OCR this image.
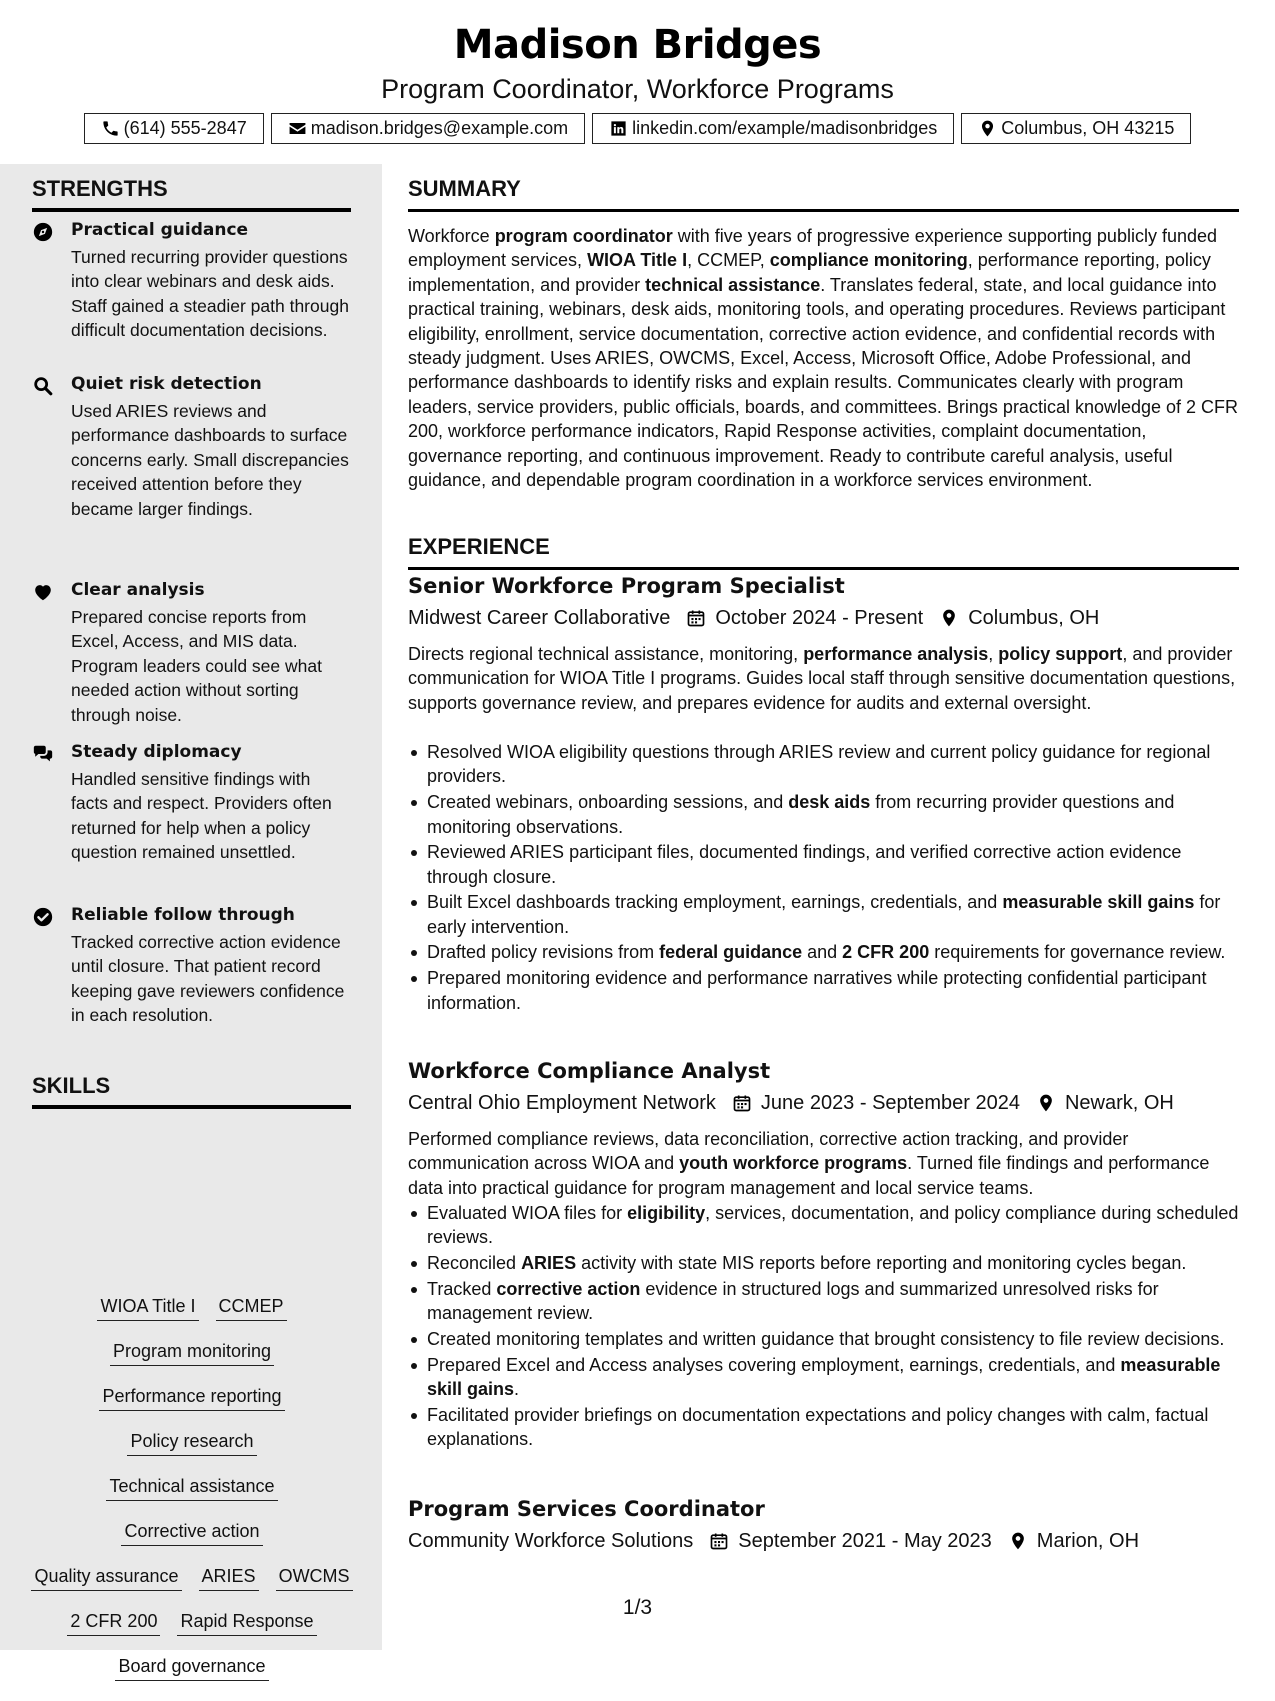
Madison Bridges
Program Coordinator, Workforce Programs
(614) 555-2847	madison.bridges@example.com	linkedin.com/example/madisonbridges	Columbus, OH 43215
STRENGTHS
Practical guidance
Turned recurring provider questions into clear webinars and desk aids. Staff gained a steadier path through difficult documentation decisions.
Quiet risk detection
Used ARIES reviews and performance dashboards to surface concerns early. Small discrepancies received attention before they became larger findings.
Clear analysis
Prepared concise reports from Excel, Access, and MIS data. Program leaders could see what needed action without sorting through noise.
Steady diplomacy
Handled sensitive findings with facts and respect. Providers often returned for help when a policy question remained unsettled.
Reliable follow through
Tracked corrective action evidence until closure. That patient record keeping gave reviewers confidence in each resolution.
SKILLS
WIOA Title I CCMEP
Program monitoring
Performance reporting
Policy research
Technical assistance
Corrective action
Quality assurance ARIES OWCMS
2 CFR 200 Rapid Response
Board governance
SUMMARY
Workforce program coordinator with five years of progressive experience supporting publicly funded employment services, WIOA Title I, CCMEP, compliance monitoring, performance reporting, policy implementation, and provider technical assistance. Translates federal, state, and local guidance into practical training, webinars, desk aids, monitoring tools, and operating procedures. Reviews participant eligibility, enrollment, service documentation, corrective action evidence, and confidential records with steady judgment. Uses ARIES, OWCMS, Excel, Access, Microsoft Office, Adobe Professional, and performance dashboards to identify risks and explain results. Communicates clearly with program leaders, service providers, public officials, boards, and committees. Brings practical knowledge of 2 CFR 200, workforce performance indicators, Rapid Response activities, complaint documentation, governance reporting, and continuous improvement. Ready to contribute careful analysis, useful guidance, and dependable program coordination in a workforce services environment.
EXPERIENCE
Senior Workforce Program Specialist
Midwest Career Collaborative October 2024 - Present Columbus, OH
Directs regional technical assistance, monitoring, performance analysis, policy support, and provider communication for WIOA Title I programs. Guides local staff through sensitive documentation questions, supports governance review, and prepares evidence for audits and external oversight.
Resolved WIOA eligibility questions through ARIES review and current policy guidance for regional providers.
Created webinars, onboarding sessions, and desk aids from recurring provider questions and monitoring observations.
Reviewed ARIES participant files, documented findings, and verified corrective action evidence through closure.
Built Excel dashboards tracking employment, earnings, credentials, and measurable skill gains for early intervention.
Drafted policy revisions from federal guidance and 2 CFR 200 requirements for governance review.
Prepared monitoring evidence and performance narratives while protecting confidential participant information.
Workforce Compliance Analyst
Central Ohio Employment Network June 2023 - September 2024 Newark, OH
Performed compliance reviews, data reconciliation, corrective action tracking, and provider communication across WIOA and youth workforce programs. Turned file findings and performance data into practical guidance for program management and local service teams.
Evaluated WIOA files for eligibility, services, documentation, and policy compliance during scheduled reviews.
Reconciled ARIES activity with state MIS reports before reporting and monitoring cycles began.
Tracked corrective action evidence in structured logs and summarized unresolved risks for management review.
Created monitoring templates and written guidance that brought consistency to file review decisions.
Prepared Excel and Access analyses covering employment, earnings, credentials, and measurable skill gains.
Facilitated provider briefings on documentation expectations and policy changes with calm, factual explanations.
Program Services Coordinator
Community Workforce Solutions September 2021 - May 2023 Marion, OH
1/3
